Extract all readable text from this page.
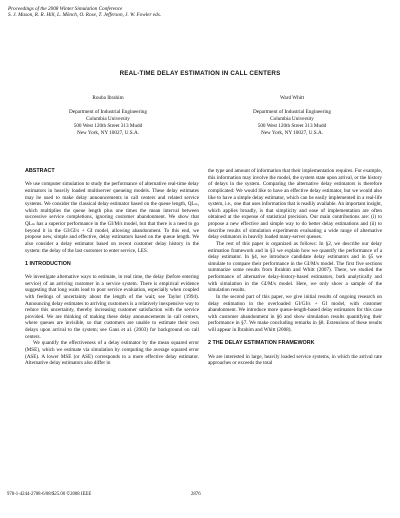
Proceedings of the 2008 Winter Simulation Conference
S. J. Mason, R. R. Hill, L. Mönch, O. Rose, T. Jefferson, J. W. Fowler eds.
REAL-TIME DELAY ESTIMATION IN CALL CENTERS
Rouba Ibrahim
Department of Industrial Engineering
Columbia University
500 West 120th Street 313 Mudd
New York, NY 10027, U.S.A.
Ward Whitt
Department of Industrial Engineering
Columbia University
500 West 120th Street 313 Mudd
New York, NY 10027, U.S.A.

ABSTRACT

We use computer simulation to study the performance of alternative real-time delay estimators in heavily loaded multiserver queueing models. These delay estimates may be used to make delay announcements in call centers and related service systems. We consider the classical delay estimator based on the queue length, QLₘ, which multiplies the queue length plus one times the mean interval between successive service completions, ignoring customer abandonment. We show that QLₘ has a superior performance in the GI/M/s model, but that there is a need to go beyond it in the GI/GI/s + GI model, allowing abandonment. To this end, we propose new, simple and effective, delay estimators based on the queue length. We also consider a delay estimator based on recent customer delay history in the system: the delay of the last customer to enter service, LES.

1 INTRODUCTION

We investigate alternative ways to estimate, in real time, the delay (before entering service) of an arriving customer in a service system. There is empirical evidence suggesting that long waits lead to poor service evaluation, especially when coupled with feelings of uncertainty about the length of the wait; see Taylor (1994). Announcing delay estimates to arriving customers is a relatively inexpensive way to reduce this uncertainty, thereby increasing customer satisfaction with the service provided. We are thinking of making these delay announcements in call centers, where queues are invisible, so that customers are unable to estimate their own delays upon arrival to the system; see Gans et al. (2003) for background on call centers.

We quantify the effectiveness of a delay estimator by the mean squared error (MSE), which we estimate via simulation by computing the average squared error (ASE). A lower MSE (or ASE) corresponds to a more effective delay estimator. Alternative delay estimators also differ in

the type and amount of information that their implementation requires. For example, this information may involve the model, the system state upon arrival, or the history of delays in the system. Comparing the alternative delay estimators is therefore complicated: We would like to have an effective delay estimator, but we would also like to have a simple delay estimator, which can be easily implemented in a real-life system, i.e., one that uses information that is readily available. An important insight, which applies broadly, is that simplicity and ease of implementation are often obtained at the expense of statistical precision. Our main contributions are: (i) to propose a new effective and simple way to do better delay estimations and (ii) to describe results of simulation experiments evaluating a wide range of alternative delay estimators in heavily loaded many-server queues.

The rest of this paper is organized as follows: In §2, we describe our delay estimation framework and in §3 we explain how we quantify the performance of a delay estimator. In §4, we introduce candidate delay estimators and in §5 we simulate to compare their performance in the GI/M/s model. The first five sections summarize some results from Ibrahim and Whitt (2007). There, we studied the performance of alternative delay-history-based estimators, both analytically and with simulation in the GI/M/s model. Here, we only show a sample of the simulation results.

In the second part of this paper, we give initial results of ongoing research on delay estimation in the overloaded GI/GI/s + GI model, with customer abandonment. We introduce more queue-length-based delay estimators for this case with customer abandonment in §6 and show simulation results quantifying their performance in §7. We make concluding remarks in §8. Extensions of these results will appear in Ibrahim and Whitt (2008).

2 THE DELAY ESTIMATION FRAMEWORK

We are interested in large, heavily loaded service systems, in which the arrival rate approaches or exceeds the total

978-1-4244-2708-6/08/$25.00 ©2008 IEEE	2876
